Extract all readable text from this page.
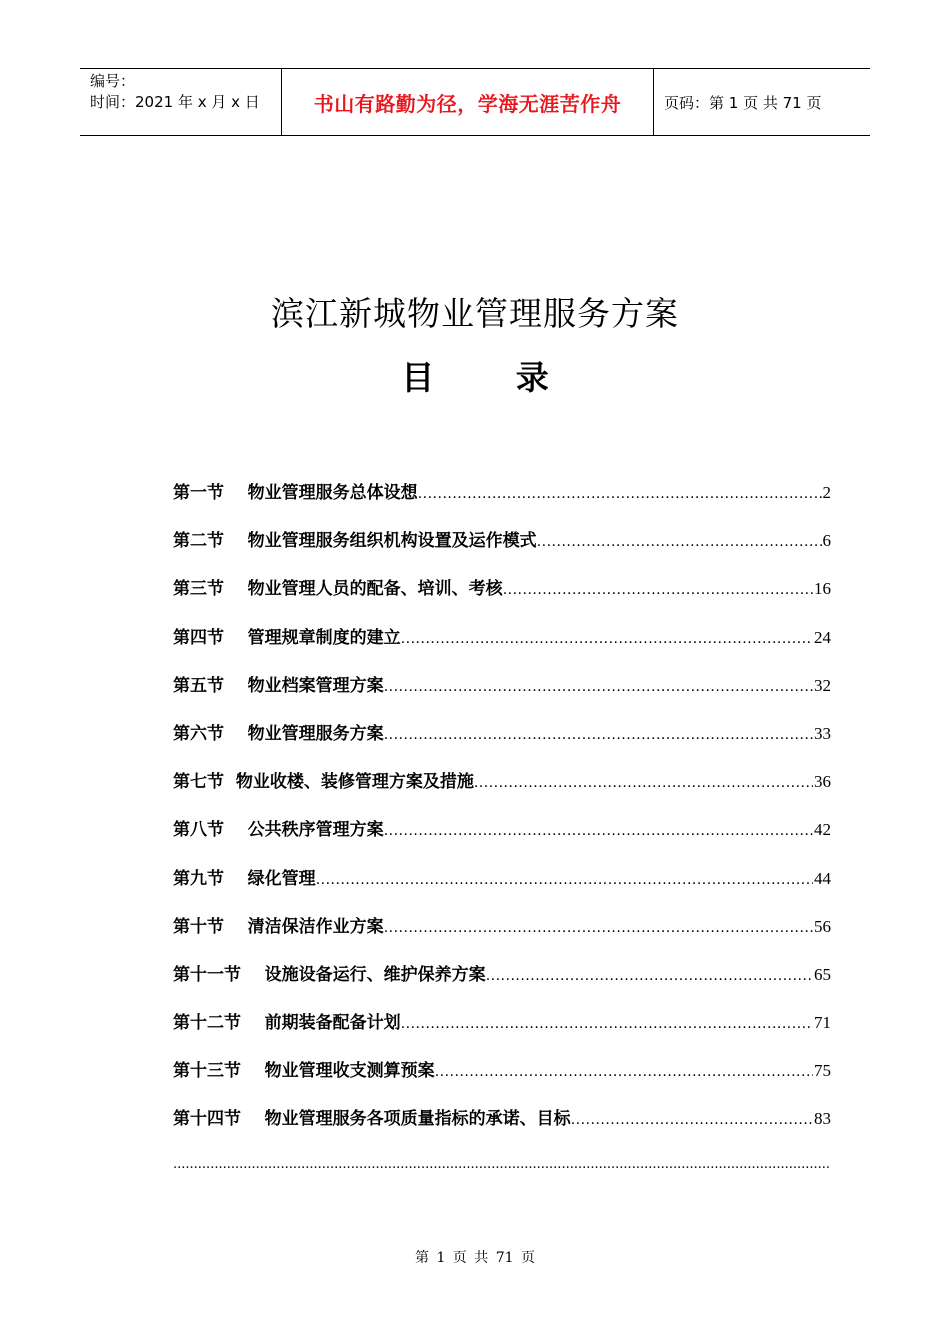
编号：
时间：2021 年 x 月 x 日	书山有路勤为径，学海无涯苦作舟	页码：第 1 页 共 71 页
滨江新城物业管理服务方案
目 录
第一节    物业管理服务总体设想 .....	2
第二节    物业管理服务组织机构设置及运作模式 .....	6
第三节    物业管理人员的配备、培训、考核 .....	16
第四节    管理规章制度的建立 .....	24
第五节    物业档案管理方案 .....	32
第六节    物业管理服务方案 .....	33
第七节  物业收楼、装修管理方案及措施 .....	36
第八节    公共秩序管理方案 .....	42
第九节    绿化管理 .....	44
第十节    清洁保洁作业方案 .....	56
第十一节    设施设备运行、维护保养方案 .....	65
第十二节    前期装备配备计划 .....	71
第十三节    物业管理收支测算预案 .....	75
第十四节    物业管理服务各项质量指标的承诺、目标 .....	83
.....
第 1 页 共 71 页
